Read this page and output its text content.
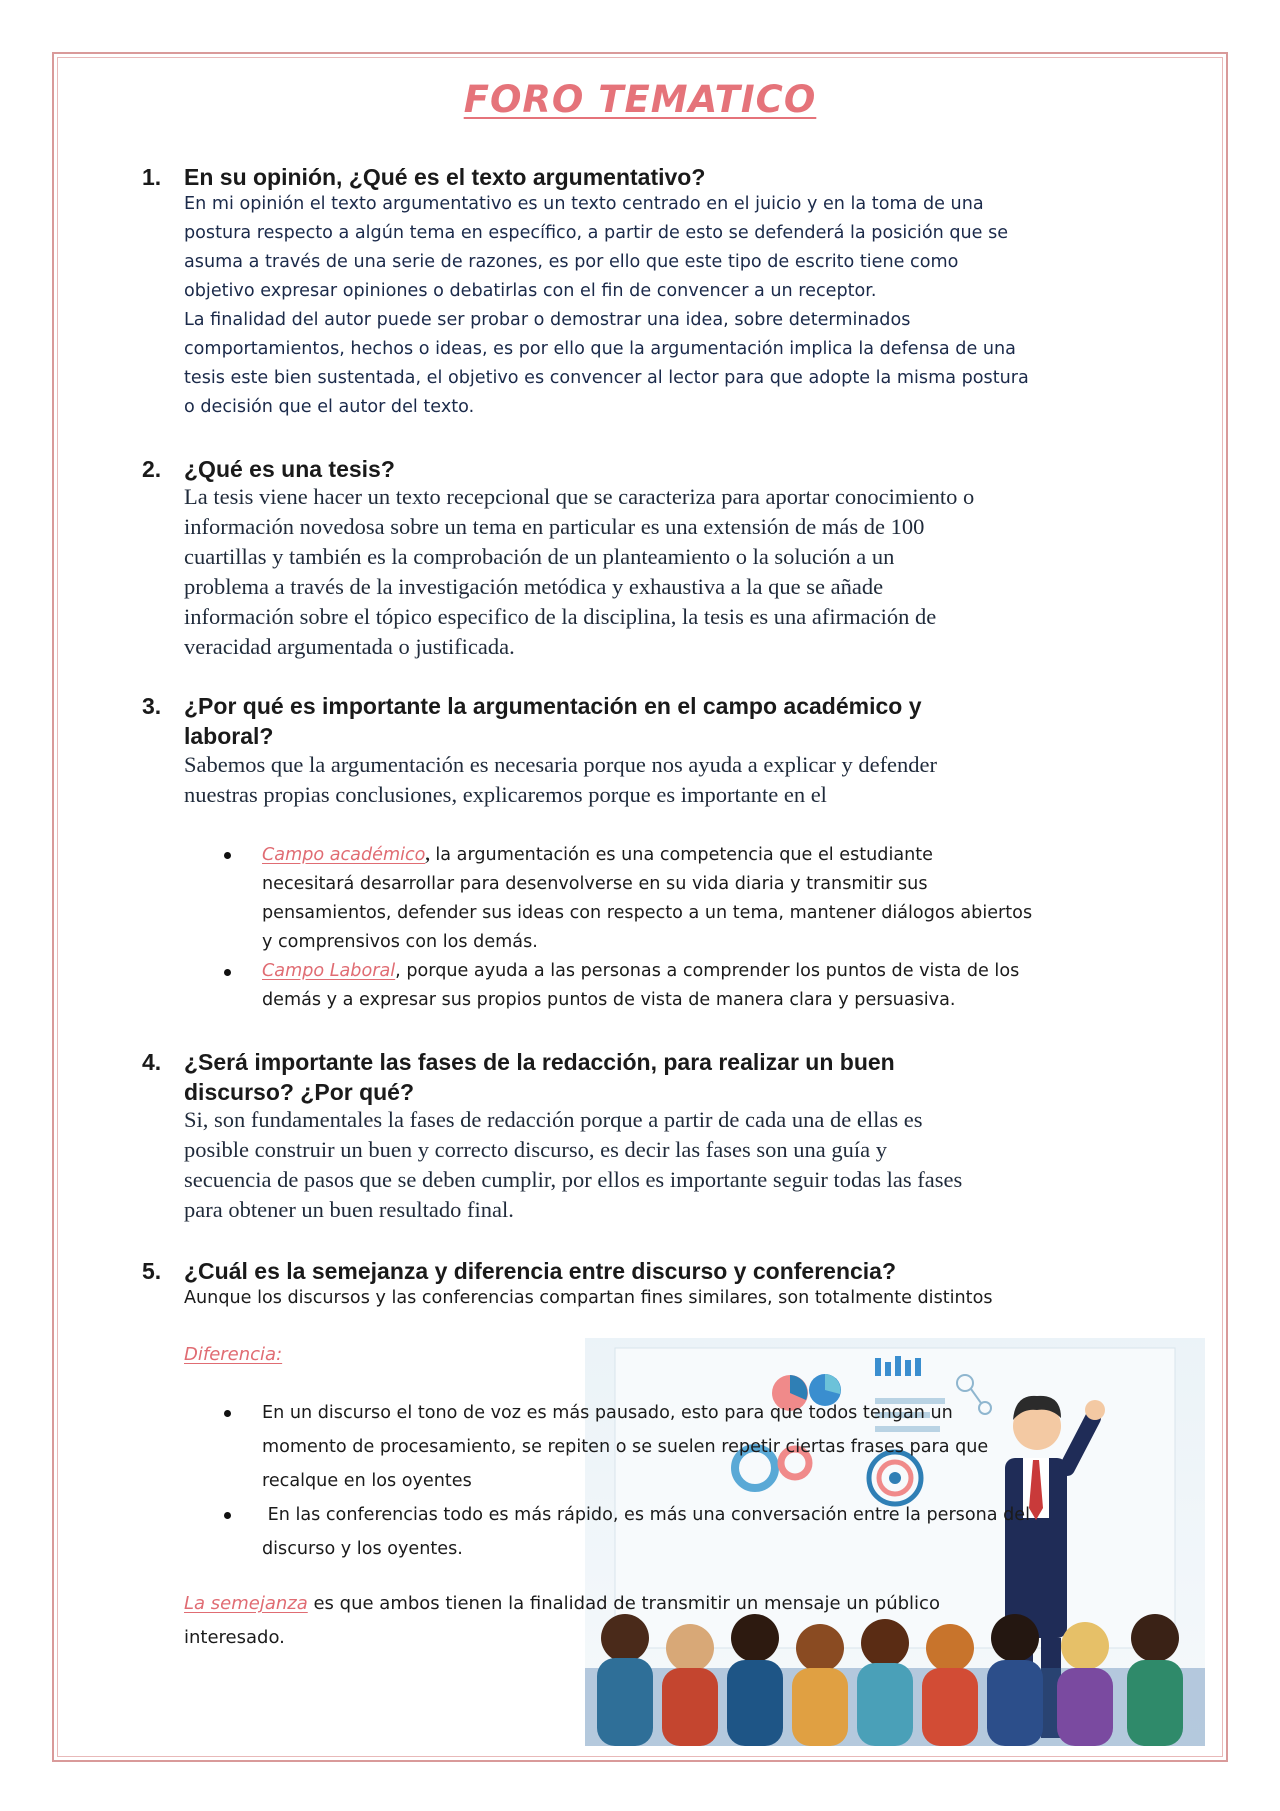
FORO TEMATICO
1. En su opinión, ¿Qué es el texto argumentativo?
En mi opinión el texto argumentativo es un texto centrado en el juicio y en la toma de una
postura respecto a algún tema en específico, a partir de esto se defenderá la posición que se
asuma a través de una serie de razones, es por ello que este tipo de escrito tiene como
objetivo expresar opiniones o debatirlas con el fin de convencer a un receptor.
La finalidad del autor puede ser probar o demostrar una idea, sobre determinados
comportamientos, hechos o ideas, es por ello que la argumentación implica la defensa de una
tesis este bien sustentada, el objetivo es convencer al lector para que adopte la misma postura
o decisión que el autor del texto.
2. ¿Qué es una tesis?
La tesis viene hacer un texto recepcional que se caracteriza para aportar conocimiento o
información novedosa sobre un tema en particular es una extensión de más de 100
cuartillas y también es la comprobación de un planteamiento o la solución a un
problema a través de la investigación metódica y exhaustiva a la que se añade
información sobre el tópico especifico de la disciplina, la tesis es una afirmación de
veracidad argumentada o justificada.
3. ¿Por qué es importante la argumentación en el campo académico y
laboral?
Sabemos que la argumentación es necesaria porque nos ayuda a explicar y defender
nuestras propias conclusiones, explicaremos porque es importante en el
Campo académico, la argumentación es una competencia que el estudiante
necesitará desarrollar para desenvolverse en su vida diaria y transmitir sus
pensamientos, defender sus ideas con respecto a un tema, mantener diálogos abiertos
y comprensivos con los demás.
Campo Laboral, porque ayuda a las personas a comprender los puntos de vista de los
demás y a expresar sus propios puntos de vista de manera clara y persuasiva.
4. ¿Será importante las fases de la redacción, para realizar un buen
discurso? ¿Por qué?
Si, son fundamentales la fases de redacción porque a partir de cada una de ellas es
posible construir un buen y correcto discurso, es decir las fases son una guía y
secuencia de pasos que se deben cumplir, por ellos es importante seguir todas las fases
para obtener un buen resultado final.
5. ¿Cuál es la semejanza y diferencia entre discurso y conferencia?
Aunque los discursos y las conferencias compartan fines similares, son totalmente distintos
Diferencia:
En un discurso el tono de voz es más pausado, esto para que todos tengan un
momento de procesamiento, se repiten o se suelen repetir ciertas frases para que
recalque en los oyentes
En las conferencias todo es más rápido, es más una conversación entre la persona del
discurso y los oyentes.
La semejanza es que ambos tienen la finalidad de transmitir un mensaje un público
interesado.
